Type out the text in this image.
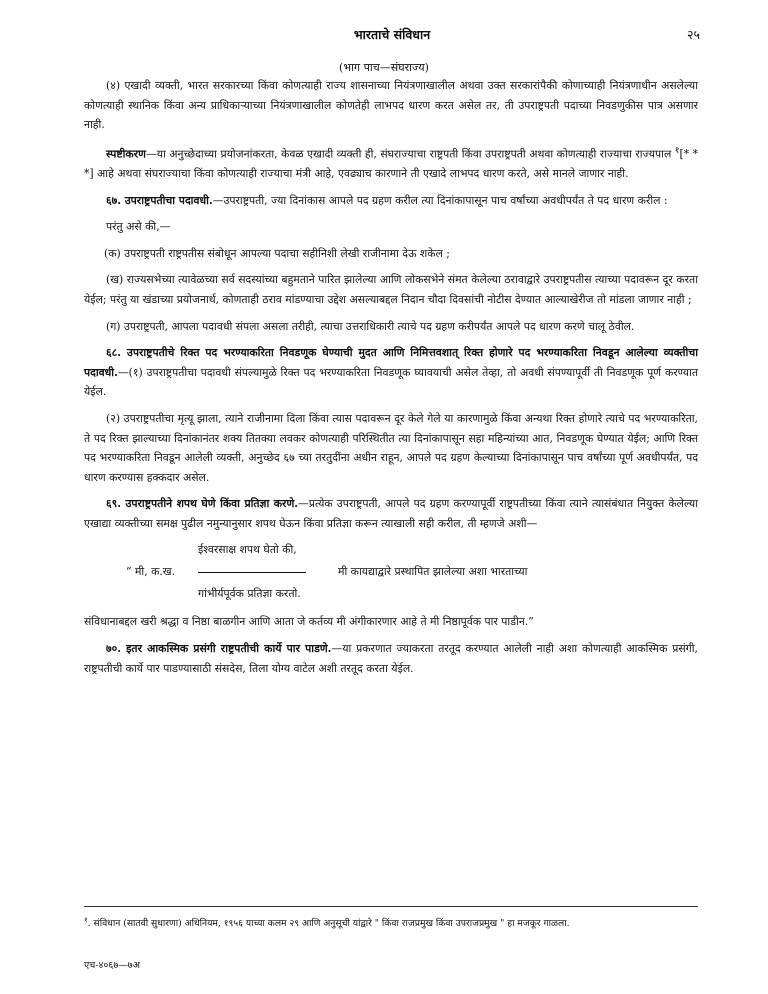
भारताचे संविधान	२५
(भाग पाच—संघराज्य)

(४) एखादी व्यक्ती, भारत सरकारच्या किंवा कोणत्याही राज्य शासनाच्या नियंत्रणाखालील अथवा उक्त सरकारांपैकी कोणाच्याही नियंत्रणाधीन असलेल्या कोणत्याही स्थानिक किंवा अन्य प्राधिकाऱ्याच्या नियंत्रणाखालील कोणतेही लाभपद धारण करत असेल तर, ती उपराष्ट्रपती पदाच्या निवडणुकीस पात्र असणार नाही.

स्पष्टीकरण—या अनुच्छेदाच्या प्रयोजनांकरता, केवळ एखादी व्यक्ती ही, संघराज्याचा राष्ट्रपती किंवा उपराष्ट्रपती अथवा कोणत्याही राज्याचा राज्यपाल $^१$[* * *] आहे अथवा संघराज्याचा किंवा कोणत्याही राज्याचा मंत्री आहे, एवढ्याच कारणाने ती एखादे लाभपद धारण करते, असे मानले जाणार नाही.

६७. उपराष्ट्रपतीचा पदावधी.—उपराष्ट्रपती, ज्या दिनांकास आपले पद ग्रहण करील त्या दिनांकापासून पाच वर्षांच्या अवधीपर्यंत ते पद धारण करील :

परंतु असे की,—

(क) उपराष्ट्रपती राष्ट्रपतीस संबोधून आपल्या पदाचा सहीनिशी लेखी राजीनामा देऊ शकेल ;

(ख) राज्यसभेच्या त्यावेळच्या सर्व सदस्यांच्या बहुमताने पारित झालेल्या आणि लोकसभेने संमत केलेल्या ठरावाद्वारे उपराष्ट्रपतीस त्याच्या पदावरून दूर करता येईल; परंतु या खंडाच्या प्रयोजनार्थ, कोणताही ठराव मांडण्याचा उद्देश असल्याबद्दल निदान चौदा दिवसांची नोटीस देण्यात आल्याखेरीज तो मांडला जाणार नाही ;

(ग) उपराष्ट्रपती, आपला पदावधी संपला असला तरीही, त्याचा उत्तराधिकारी त्याचे पद ग्रहण करीपर्यंत आपले पद धारण करणे चालू ठेवील.

६८. उपराष्ट्रपतीचे रिक्त पद भरण्याकरिता निवडणूक घेण्याची मुदत आणि निमित्तवशात् रिक्त होणारे पद भरण्याकरिता निवडून आलेल्या व्यक्तीचा पदावधी.—(१) उपराष्ट्रपतीचा पदावधी संपल्यामुळे रिक्त पद भरण्याकरिता निवडणूक घ्यावयाची असेल तेव्हा, तो अवधी संपण्यापूर्वी ती निवडणूक पूर्ण करण्यात येईल.

(२) उपराष्ट्रपतीचा मृत्यू झाला, त्याने राजीनामा दिला किंवा त्यास पदावरून दूर केले गेले या कारणामुळे किंवा अन्यथा रिक्त होणारे त्याचे पद भरण्याकरिता, ते पद रिक्त झाल्याच्या दिनांकानंतर शक्य तितक्या लवकर कोणत्याही परिस्थितीत त्या दिनांकापासून सहा महिन्यांच्या आत, निवडणूक घेण्यात येईल; आणि रिक्त पद भरण्याकरिता निवडून आलेली व्यक्ती, अनुच्छेद ६७ च्या तरतुदींना अधीन राहून, आपले पद ग्रहण केल्याच्या दिनांकापासून पाच वर्षांच्या पूर्ण अवधीपर्यंत, पद धारण करण्यास हक्कदार असेल.

६९. उपराष्ट्रपतीने शपथ घेणे किंवा प्रतिज्ञा करणे.—प्रत्येक उपराष्ट्रपती, आपले पद ग्रहण करण्यापूर्वी राष्ट्रपतीच्या किंवा त्याने त्यासंबंधात नियुक्त केलेल्या एखाद्या व्यक्तीच्या समक्ष पुढील नमुन्यानुसार शपथ घेऊन किंवा प्रतिज्ञा करून त्याखाली सही करील, ती म्हणजे अशी—

ईश्वरसाक्ष शपथ घेतो की,
“ मी, क.ख.	मी कायद्याद्वारे प्रस्थापित झालेल्या अशा भारताच्या
गांभीर्यपूर्वक प्रतिज्ञा करतो.

संविधानाबद्दल खरी श्रद्धा व निष्ठा बाळगीन आणि आता जे कर्तव्य मी अंगीकारणार आहे ते मी निष्ठापूर्वक पार पाडीन.”

७०. इतर आकस्मिक प्रसंगी राष्ट्रपतीची कार्ये पार पाडणे.—या प्रकरणात ज्याकरता तरतूद करण्यात आलेली नाही अशा कोणत्याही आकस्मिक प्रसंगी, राष्ट्रपतीची कार्ये पार पाडण्यासाठी संसदेस, तिला योग्य वाटेल अशी तरतूद करता येईल.

$^१$. संविधान (सातवी सुधारणा) अधिनियम, १९५६ याच्या कलम २९ आणि अनुसूची यांद्वारे " किंवा राजप्रमुख किंवा उपराजप्रमुख " हा मजकूर गाळला.
एच-४०६७—७अ
